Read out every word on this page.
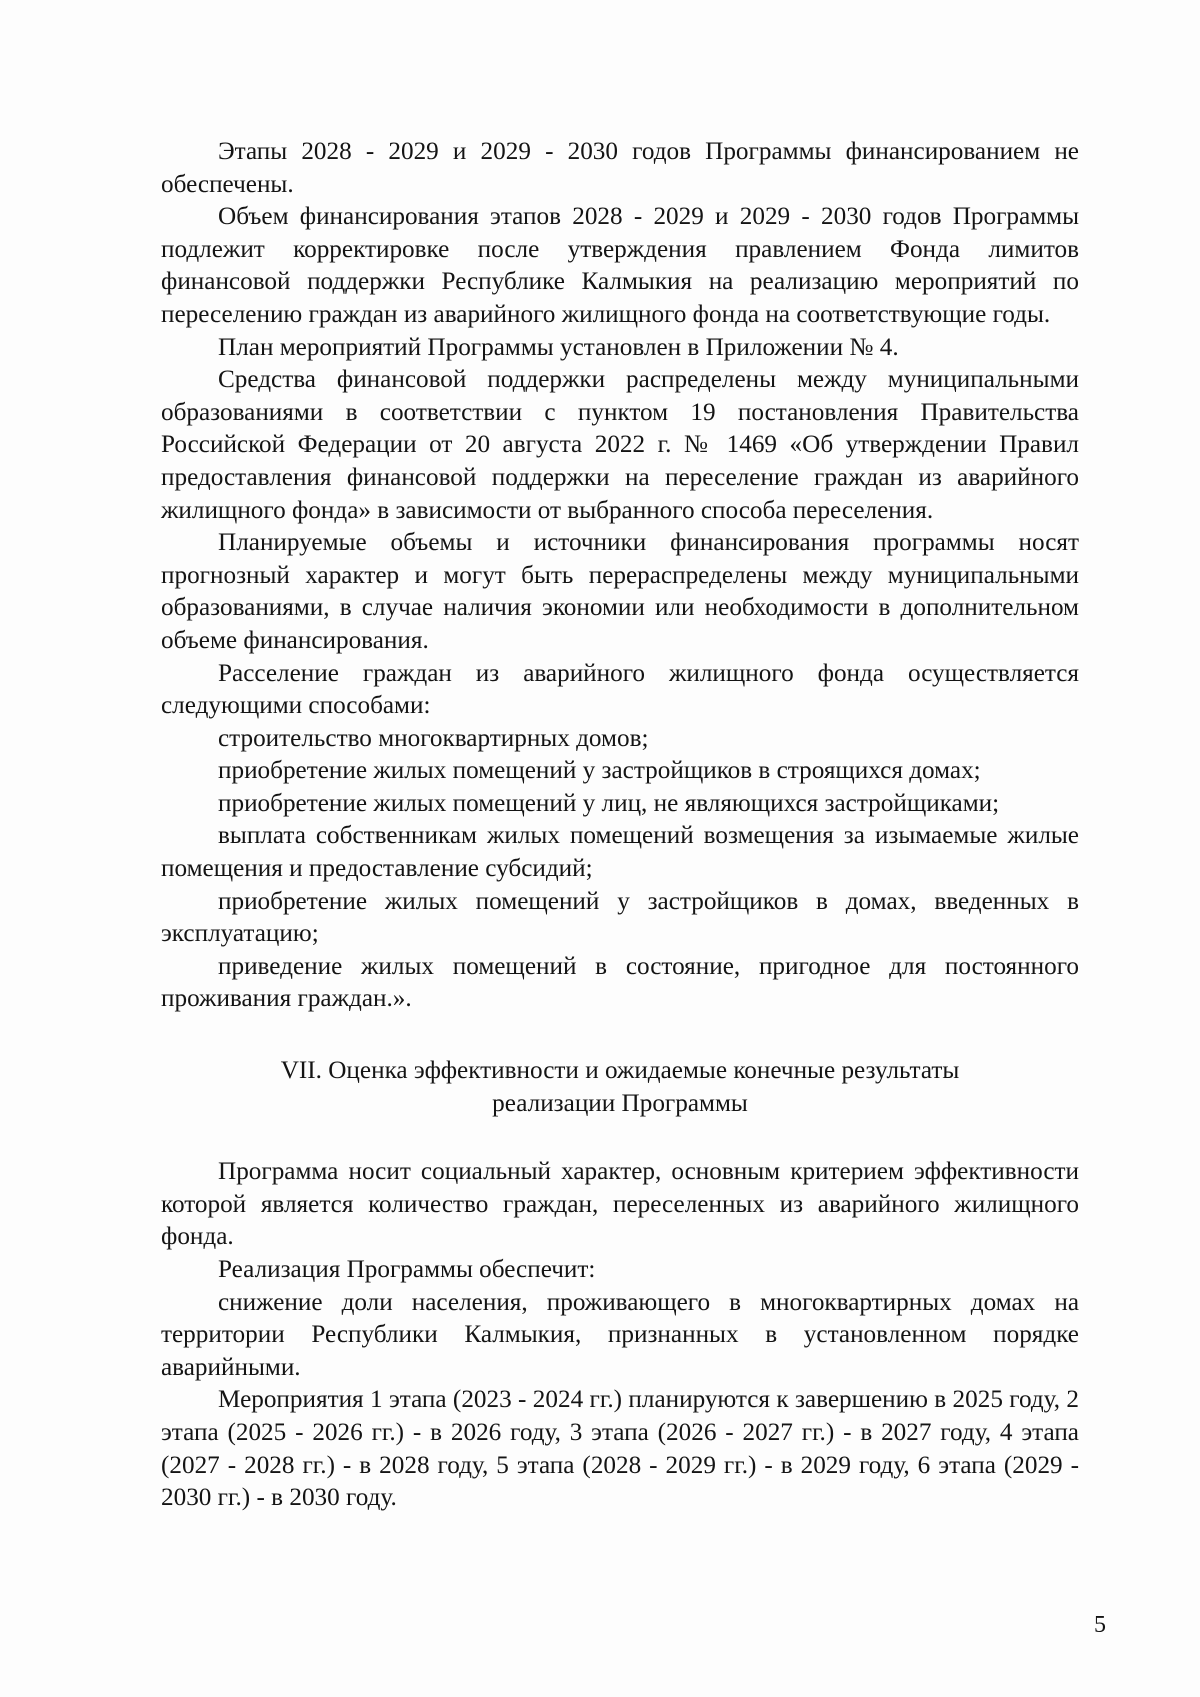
Этапы 2028 - 2029 и 2029 - 2030 годов Программы финансированием не обеспечены.

Объем финансирования этапов 2028 - 2029 и 2029 - 2030 годов Программы подлежит корректировке после утверждения правлением Фонда лимитов финансовой поддержки Республике Калмыкия на реализацию мероприятий по переселению граждан из аварийного жилищного фонда на соответствующие годы.

План мероприятий Программы установлен в Приложении № 4.

Средства финансовой поддержки распределены между муниципальными образованиями в соответствии с пунктом 19 постановления Правительства Российской Федерации от 20 августа 2022 г. № 1469 «Об утверждении Правил предоставления финансовой поддержки на переселение граждан из аварийного жилищного фонда» в зависимости от выбранного способа переселения.

Планируемые объемы и источники финансирования программы носят прогнозный характер и могут быть перераспределены между муниципальными образованиями, в случае наличия экономии или необходимости в дополнительном объеме финансирования.

Расселение граждан из аварийного жилищного фонда осуществляется следующими способами:

строительство многоквартирных домов;

приобретение жилых помещений у застройщиков в строящихся домах;

приобретение жилых помещений у лиц, не являющихся застройщиками;

выплата собственникам жилых помещений возмещения за изымаемые жилые помещения и предоставление субсидий;

приобретение жилых помещений у застройщиков в домах, введенных в эксплуатацию;

приведение жилых помещений в состояние, пригодное для постоянного проживания граждан.».

VII. Оценка эффективности и ожидаемые конечные результаты
реализации Программы

Программа носит социальный характер, основным критерием эффективности которой является количество граждан, переселенных из аварийного жилищного фонда.

Реализация Программы обеспечит:

снижение доли населения, проживающего в многоквартирных домах на территории Республики Калмыкия, признанных в установленном порядке аварийными.

Мероприятия 1 этапа (2023 - 2024 гг.) планируются к завершению в 2025 году, 2 этапа (2025 - 2026 гг.) - в 2026 году, 3 этапа (2026 - 2027 гг.) - в 2027 году, 4 этапа (2027 - 2028 гг.) - в 2028 году, 5 этапа (2028 - 2029 гг.) - в 2029 году, 6 этапа (2029 - 2030 гг.) - в 2030 году.

5
